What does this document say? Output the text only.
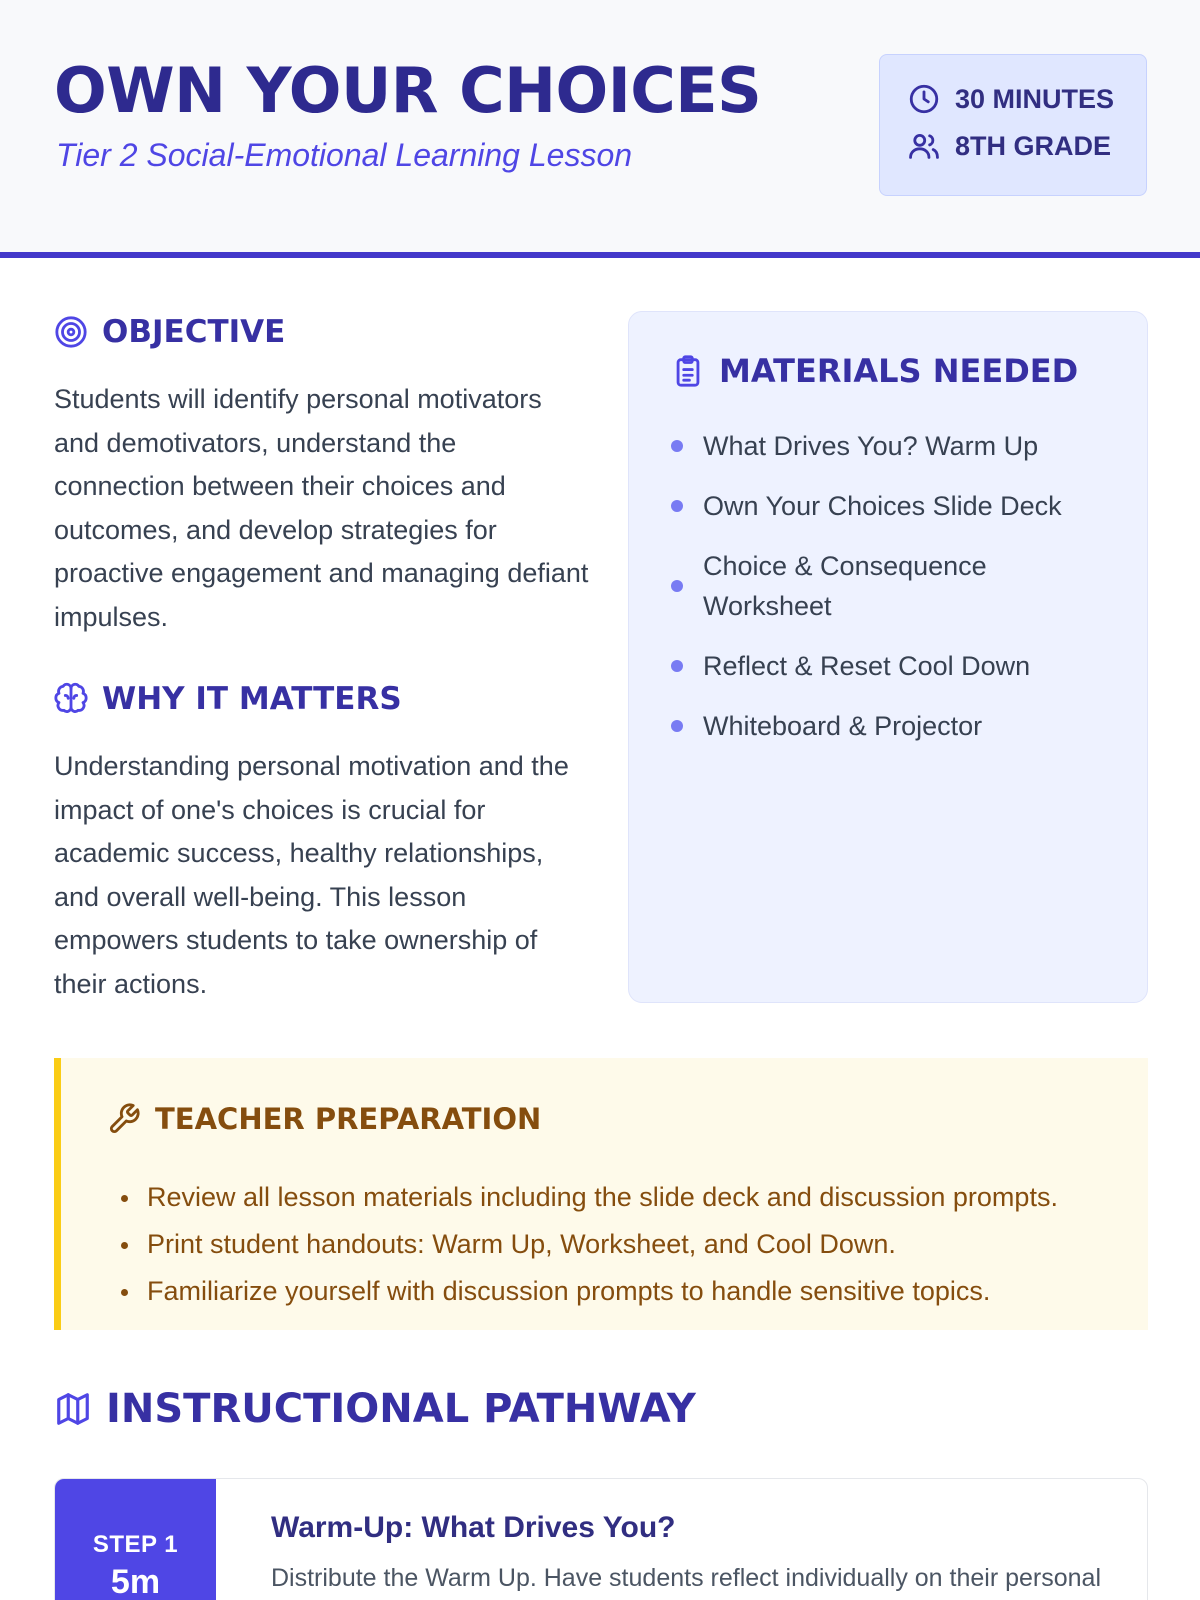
OWN YOUR CHOICES
Tier 2 Social-Emotional Learning Lesson
30 MINUTES
8TH GRADE
OBJECTIVE

Students will identify personal motivators and demotivators, understand the connection between their choices and outcomes, and develop strategies for proactive engagement and managing defiant impulses.

WHY IT MATTERS

Understanding personal motivation and the impact of one's choices is crucial for academic success, healthy relationships, and overall well-being. This lesson empowers students to take ownership of their actions.

MATERIALS NEEDED
What Drives You? Warm Up
Own Your Choices Slide Deck
Choice & Consequence Worksheet
Reflect & Reset Cool Down
Whiteboard & Projector
TEACHER PREPARATION
Review all lesson materials including the slide deck and discussion prompts.
Print student handouts: Warm Up, Worksheet, and Cool Down.
Familiarize yourself with discussion prompts to handle sensitive topics.
INSTRUCTIONAL PATHWAY
STEP 1
5m
Warm-Up: What Drives You?
Distribute the Warm Up. Have students reflect individually on their personal
